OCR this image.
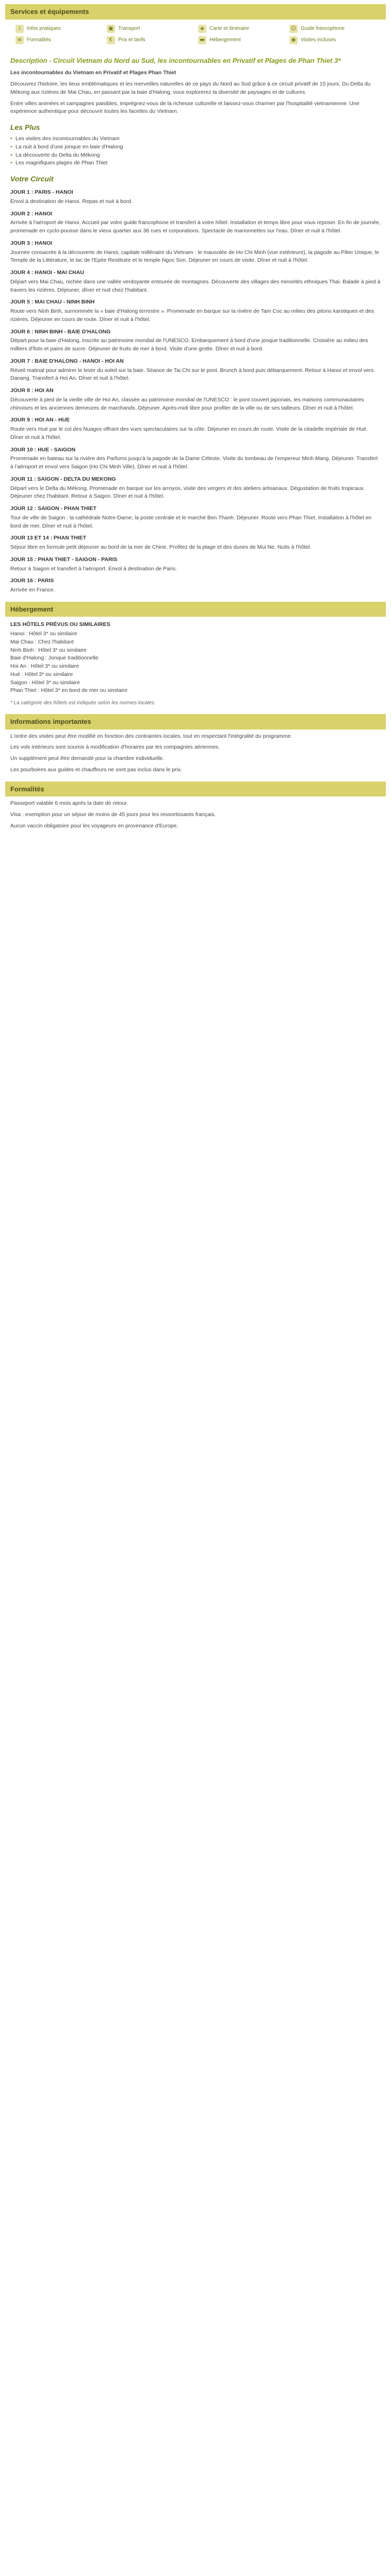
Services et équipements
i	Infos pratiques	▣ Transport	◈	Carte et itinéraire	☺ Guide francophone
≡ Formalités	€	Prix et tarifs	▬ Hébergement	◉ Visites incluses
Description - Circuit Vietnam du Nord au Sud, les incontournables en Privatif et Plages de Phan Thiet 3*

Les incontournables du Vietnam en Privatif et Plages Phan Thiet

Découvrez l'histoire, les lieux emblématiques et les merveilles naturelles de ce pays du Nord au Sud grâce à ce circuit privatif de 15 jours. Du Delta du Mékong aux rizières de Mai Chau, en passant par la baie d'Halong, vous explorerez la diversité de paysages et de cultures.

Entre villes animées et campagnes paisibles, imprégnez-vous de la richesse culturelle et laissez-vous charmer par l'hospitalité vietnamienne. Une expérience authentique pour découvrir toutes les facettes du Vietnam.

Les Plus
• Les visites des incontournables du Vietnam
• La nuit à bord d'une jonque en baie d'Halong
• La découverte du Delta du Mékong
• Les magnifiques plages de Phan Thiet
Votre Circuit
JOUR 1 : PARIS - HANOI

Envol à destination de Hanoi. Repas et nuit à bord.

JOUR 2 : HANOI

Arrivée à l'aéroport de Hanoi. Accueil par votre guide francophone et transfert à votre hôtel. Installation et temps libre pour vous reposer. En fin de journée, promenade en cyclo-pousse dans le vieux quartier aux 36 rues et corporations. Spectacle de marionnettes sur l'eau. Dîner et nuit à l'hôtel.

JOUR 3 : HANOI

Journée consacrée à la découverte de Hanoi, capitale millénaire du Vietnam : le mausolée de Ho Chi Minh (vue extérieure), la pagode au Pilier Unique, le Temple de la Littérature, le lac de l'Epée Restituée et le temple Ngoc Son. Déjeuner en cours de visite. Dîner et nuit à l'hôtel.

JOUR 4 : HANOI - MAI CHAU

Départ vers Mai Chau, nichée dans une vallée verdoyante entourée de montagnes. Découverte des villages des minorités ethniques Thai. Balade à pied à travers les rizières. Déjeuner, dîner et nuit chez l'habitant.

JOUR 5 : MAI CHAU - NINH BINH

Route vers Ninh Binh, surnommée la « baie d'Halong terrestre ». Promenade en barque sur la rivière de Tam Coc au milieu des pitons karstiques et des rizières. Déjeuner en cours de route. Dîner et nuit à l'hôtel.

JOUR 6 : NINH BINH - BAIE D'HALONG

Départ pour la baie d'Halong, inscrite au patrimoine mondial de l'UNESCO. Embarquement à bord d'une jonque traditionnelle. Croisière au milieu des milliers d'îlots et pains de sucre. Déjeuner de fruits de mer à bord. Visite d'une grotte. Dîner et nuit à bord.

JOUR 7 : BAIE D'HALONG - HANOI - HOI AN

Réveil matinal pour admirer le lever du soleil sur la baie. Séance de Tai Chi sur le pont. Brunch à bord puis débarquement. Retour à Hanoi et envol vers Danang. Transfert à Hoi An. Dîner et nuit à l'hôtel.

JOUR 8 : HOI AN

Découverte à pied de la vieille ville de Hoi An, classée au patrimoine mondial de l'UNESCO : le pont couvert japonais, les maisons communautaires chinoises et les anciennes demeures de marchands. Déjeuner. Après-midi libre pour profiter de la ville ou de ses tailleurs. Dîner et nuit à l'hôtel.

JOUR 9 : HOI AN - HUE

Route vers Hué par le col des Nuages offrant des vues spectaculaires sur la côte. Déjeuner en cours de route. Visite de la citadelle impériale de Hué. Dîner et nuit à l'hôtel.

JOUR 10 : HUE - SAIGON

Promenade en bateau sur la rivière des Parfums jusqu'à la pagode de la Dame Céleste. Visite du tombeau de l'empereur Minh Mang. Déjeuner. Transfert à l'aéroport et envol vers Saigon (Ho Chi Minh Ville). Dîner et nuit à l'hôtel.

JOUR 11 : SAIGON - DELTA DU MEKONG

Départ vers le Delta du Mékong. Promenade en barque sur les arroyos, visite des vergers et des ateliers artisanaux. Dégustation de fruits tropicaux. Déjeuner chez l'habitant. Retour à Saigon. Dîner et nuit à l'hôtel.

JOUR 12 : SAIGON - PHAN THIET

Tour de ville de Saigon : la cathédrale Notre-Dame, la poste centrale et le marché Ben Thanh. Déjeuner. Route vers Phan Thiet. Installation à l'hôtel en bord de mer. Dîner et nuit à l'hôtel.

JOUR 13 ET 14 : PHAN THIET

Séjour libre en formule petit déjeuner au bord de la mer de Chine. Profitez de la plage et des dunes de Mui Ne. Nuits à l'hôtel.

JOUR 15 : PHAN THIET - SAIGON - PARIS

Retour à Saigon et transfert à l'aéroport. Envol à destination de Paris.

JOUR 16 : PARIS

Arrivée en France.

Hébergement
LES HÔTELS PRÉVUS OU SIMILAIRES
Hanoi : Hôtel 3* ou similaire
Mai Chau : Chez l'habitant
Ninh Binh : Hôtel 3* ou similaire
Baie d'Halong : Jonque traditionnelle
Hoi An : Hôtel 3* ou similaire
Hué : Hôtel 3* ou similaire
Saigon : Hôtel 3* ou similaire
Phan Thiet : Hôtel 3* en bord de mer ou similaire

* La catégorie des hôtels est indiquée selon les normes locales.

Informations importantes

L'ordre des visites peut être modifié en fonction des contraintes locales, tout en respectant l'intégralité du programme.

Les vols intérieurs sont soumis à modification d'horaires par les compagnies aériennes.

Un supplément peut être demandé pour la chambre individuelle.

Les pourboires aux guides et chauffeurs ne sont pas inclus dans le prix.

Formalités

Passeport valable 6 mois après la date de retour.

Visa : exemption pour un séjour de moins de 45 jours pour les ressortissants français.

Aucun vaccin obligatoire pour les voyageurs en provenance d'Europe.
